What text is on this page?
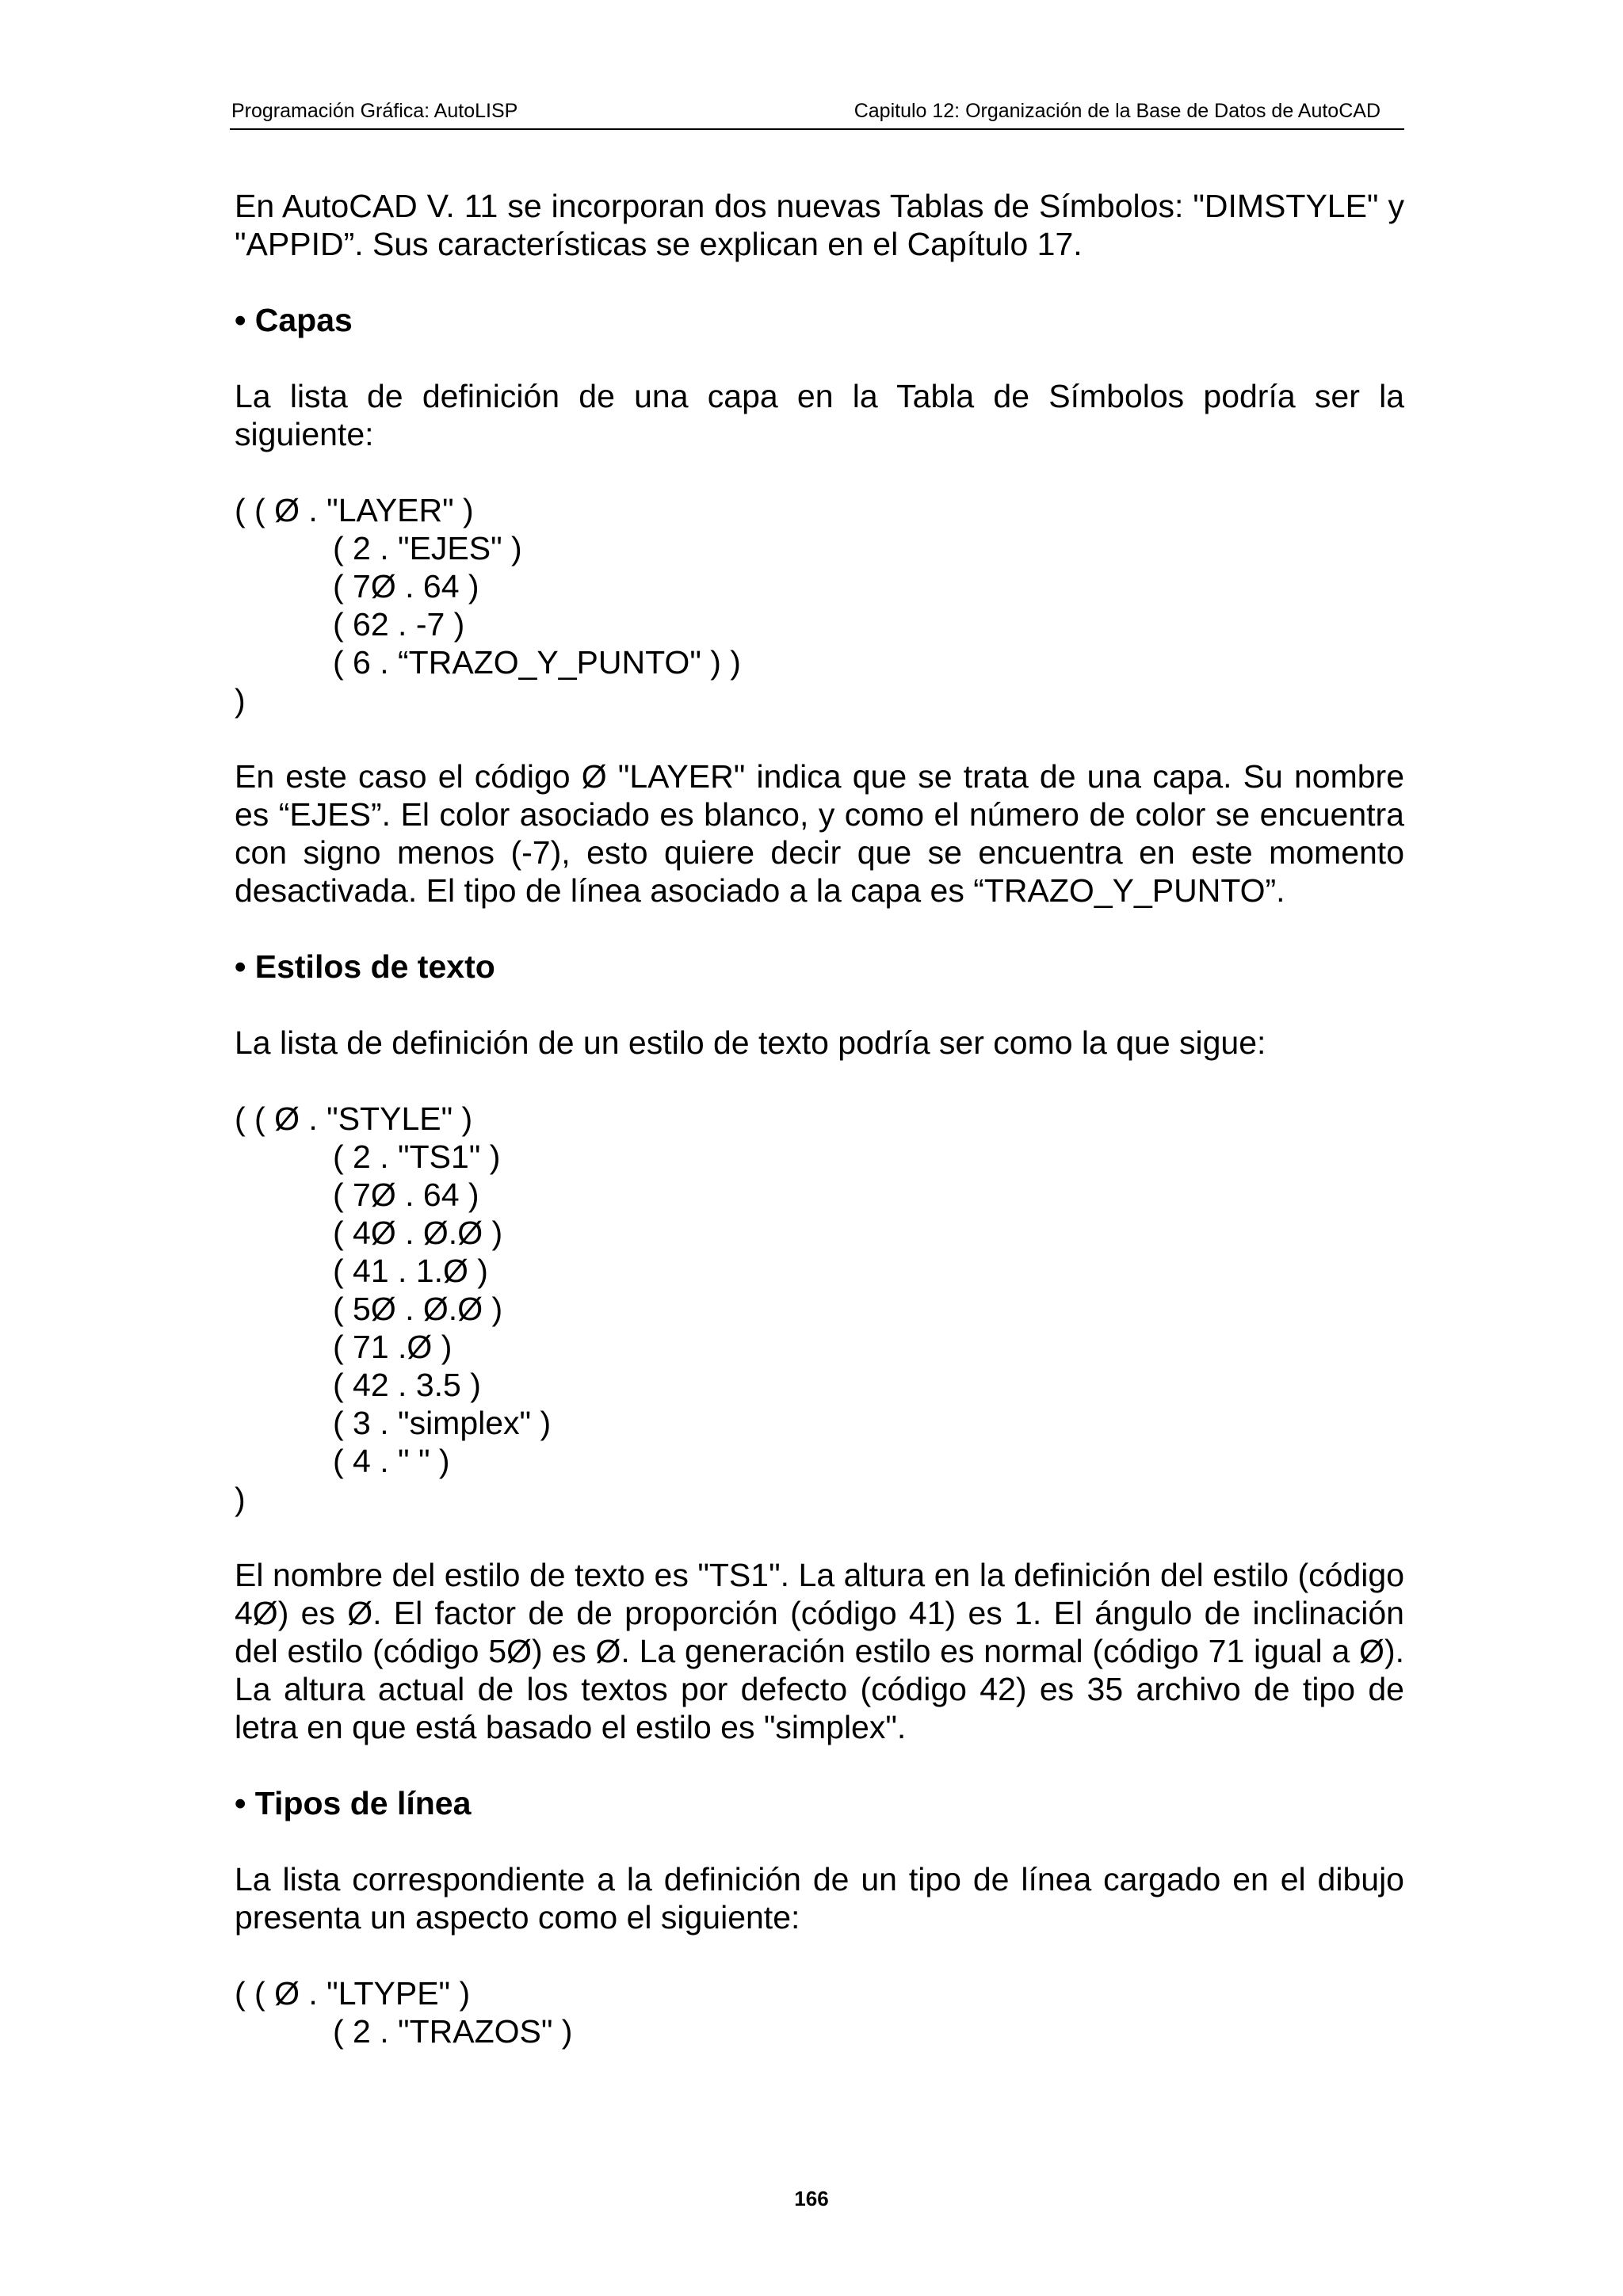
Programación Gráfica: AutoLISP	Capitulo 12: Organización de la Base de Datos de AutoCAD

En AutoCAD V. 11 se incorporan dos nuevas Tablas de Símbolos: "DIMSTYLE" y "APPID”. Sus características se explican en el Capítulo 17.

• Capas

La lista de definición de una capa en la Tabla de Símbolos podría ser la siguiente:

( ( Ø . "LAYER" )

( 2 . "EJES" )

( 7Ø . 64 )

( 62 . -7 )

( 6 . “TRAZO_Y_PUNTO" ) )

)

En este caso el código Ø "LAYER" indica que se trata de una capa. Su nombre es “EJES”. El color asociado es blanco, y como el número de color se encuentra con signo menos (-7), esto quiere decir que se encuentra en este momento desactivada. El tipo de línea asociado a la capa es “TRAZO_Y_PUNTO”.

• Estilos de texto

La lista de definición de un estilo de texto podría ser como la que sigue:

( ( Ø . "STYLE" )

( 2 . "TS1" )

( 7Ø . 64 )

( 4Ø . Ø.Ø )

( 41 . 1.Ø )

( 5Ø . Ø.Ø )

( 71 .Ø )

( 42 . 3.5 )

( 3 . "simplex" )

( 4 . " " )

)

El nombre del estilo de texto es "TS1". La altura en la definición del estilo (código 4Ø) es Ø. El factor de de proporción (código 41) es 1. El ángulo de inclinación del estilo (código 5Ø) es Ø. La generación estilo es normal (código 71 igual a Ø). La altura actual de los textos por defecto (código 42) es 35 archivo de tipo de letra en que está basado el estilo es "simplex".

• Tipos de línea

La lista correspondiente a la definición de un tipo de línea cargado en el dibujo presenta un aspecto como el siguiente:

( ( Ø . "LTYPE" )

( 2 . "TRAZOS" )

166
